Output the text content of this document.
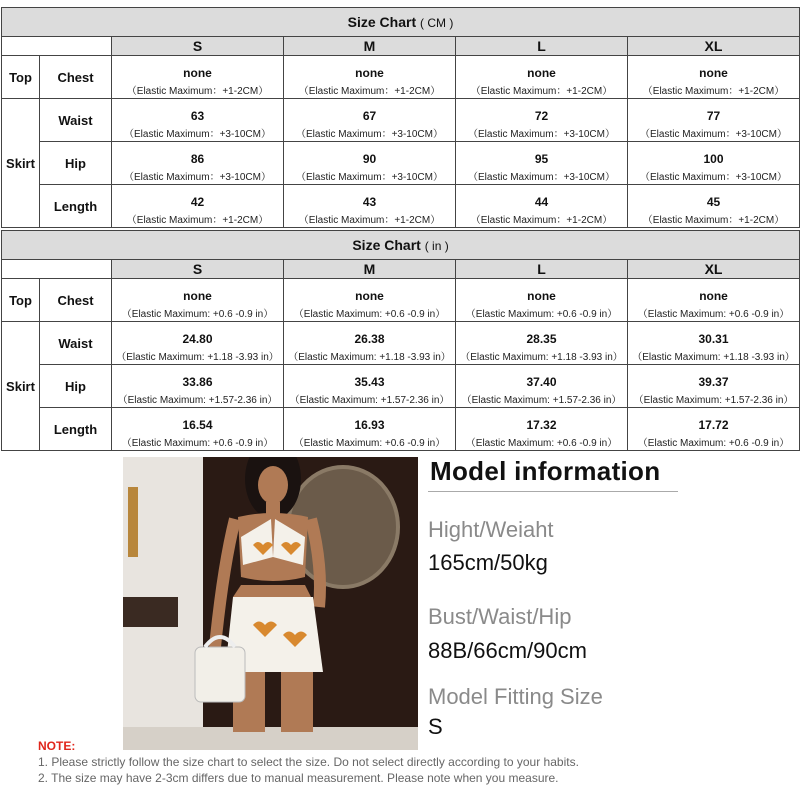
Size Chart ( CM )					
		S	M	L	XL
Top	Chest	none	none	none	none
		（Elastic Maximum：+1-2CM）	（Elastic Maximum：+1-2CM）	（Elastic Maximum：+1-2CM）	（Elastic Maximum：+1-2CM）
Skirt	Waist	63	67	72	77
		（Elastic Maximum：+3-10CM）	（Elastic Maximum：+3-10CM）	（Elastic Maximum：+3-10CM）	（Elastic Maximum：+3-10CM）
	Hip	86	90	95	100
		（Elastic Maximum：+3-10CM）	（Elastic Maximum：+3-10CM）	（Elastic Maximum：+3-10CM）	（Elastic Maximum：+3-10CM）
	Length	42	43	44	45
		（Elastic Maximum：+1-2CM）	（Elastic Maximum：+1-2CM）	（Elastic Maximum：+1-2CM）	（Elastic Maximum：+1-2CM）
Size Chart ( in )					
		S	M	L	XL
Top	Chest	none	none	none	none
		（Elastic Maximum: +0.6 -0.9 in）	（Elastic Maximum: +0.6 -0.9 in）	（Elastic Maximum: +0.6 -0.9 in）	（Elastic Maximum: +0.6 -0.9 in）
Skirt	Waist	24.80	26.38	28.35	30.31
		（Elastic Maximum: +1.18 -3.93 in）	（Elastic Maximum: +1.18 -3.93 in）	（Elastic Maximum: +1.18 -3.93 in）	（Elastic Maximum: +1.18 -3.93 in）
	Hip	33.86	35.43	37.40	39.37
		（Elastic Maximum: +1.57-2.36 in）	（Elastic Maximum: +1.57-2.36 in）	（Elastic Maximum: +1.57-2.36 in）	（Elastic Maximum: +1.57-2.36 in）
	Length	16.54	16.93	17.32	17.72
		（Elastic Maximum: +0.6 -0.9 in）	（Elastic Maximum: +0.6 -0.9 in）	（Elastic Maximum: +0.6 -0.9 in）	（Elastic Maximum: +0.6 -0.9 in）
Model information
Hight/Weiaht
165cm/50kg
Bust/Waist/Hip
88B/66cm/90cm
Model Fitting Size
S
NOTE:
1. Please strictly follow the size chart to select the size. Do not select directly according to your habits.
2. The size may have 2-3cm differs due to manual measurement. Please note when you measure.
